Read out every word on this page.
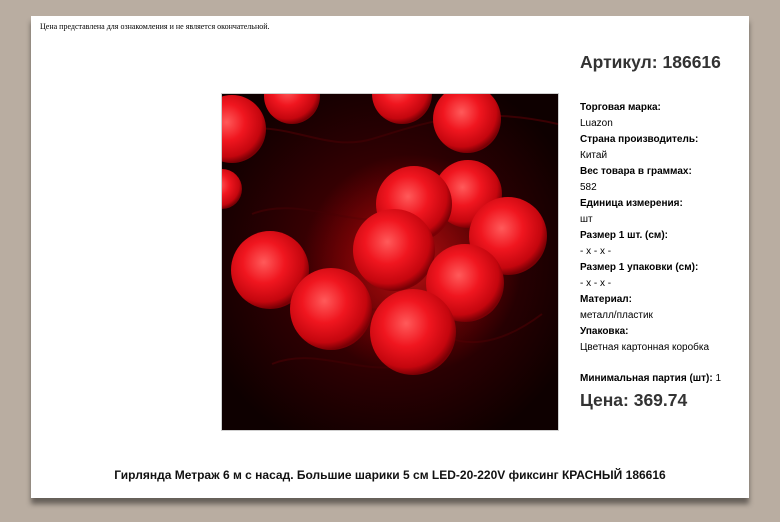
Цена представлена для ознакомления и не является окончательной.
Артикул: 186616
Торговая марка:
Luazon
Страна производитель:
Китай
Вес товара в граммах:
582
Единица измерения:
шт
Размер 1 шт. (см):
- x - x -
Размер 1 упаковки (см):
- x - x -
Материал:
металл/пластик
Упаковка:
Цветная картонная коробка
Минимальная партия (шт): 1
Цена: 369.74
Гирлянда Метраж 6 м с насад. Большие шарики 5 см LED-20-220V фиксинг КРАСНЫЙ 186616
